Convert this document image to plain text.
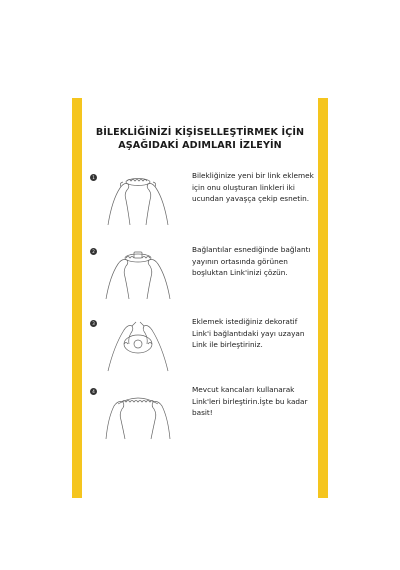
BİLEKLİĞİNİZİ KİŞİSELLEŞTİRMEK İÇİN
AŞAĞIDAKİ ADIMLARI İZLEYİN
1	Bilekliğinize yeni bir link eklemek
için onu oluşturan linkleri iki
ucundan yavaşça çekip esnetin.
2	Bağlantılar esnediğinde bağlantı
yayının ortasında görünen
boşluktan Link'inizi çözün.
3	Eklemek istediğiniz dekoratif
Link'i bağlantıdaki yayı uzayan
Link ile birleştiriniz.
4	Mevcut kancaları kullanarak
Link'leri birleştirin.İşte bu kadar
basit!
